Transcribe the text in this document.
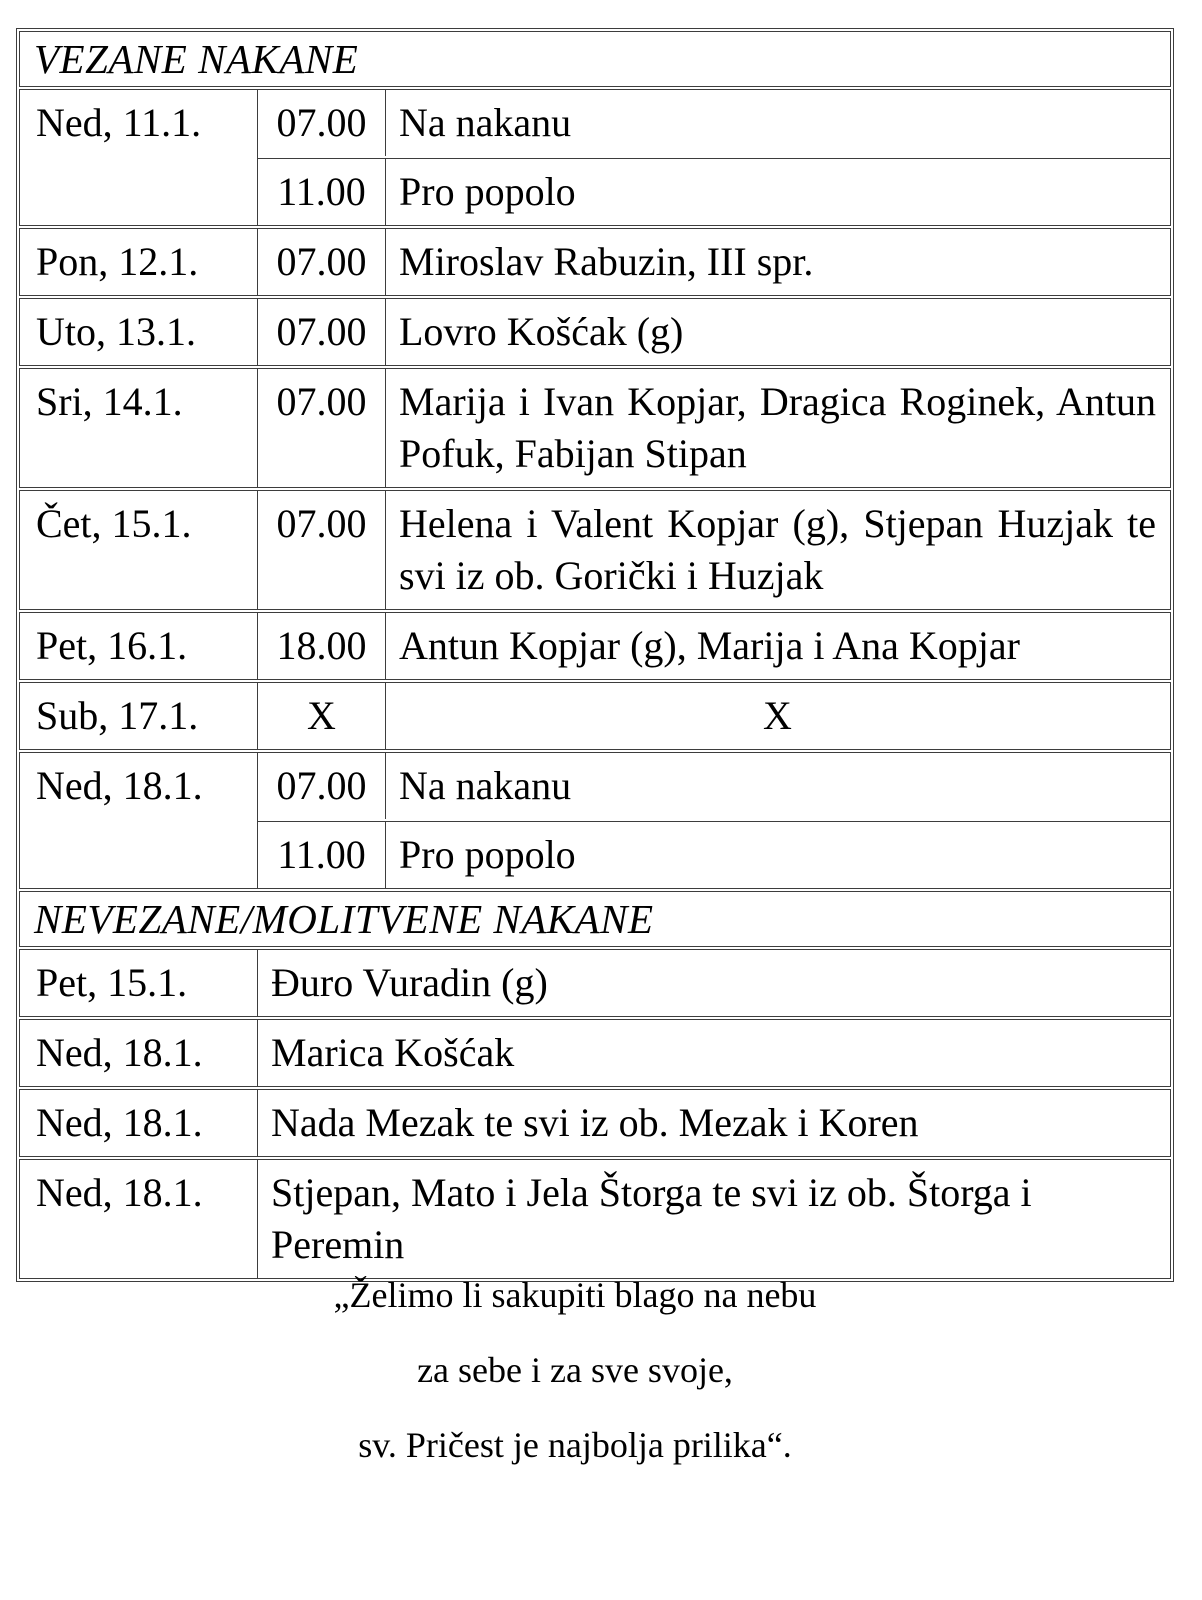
VEZANE NAKANE
Ned, 11.1.	07.00 Na nakanu
11.00 Pro popolo
Pon, 12.1.	07.00 Miroslav Rabuzin, III spr.
Uto, 13.1.	07.00 Lovro Košćak (g)
Sri, 14.1.	07.00 Marija i Ivan Kopjar, Dragica Roginek, Antun Pofuk, Fabijan Stipan
Čet, 15.1.	07.00 Helena i Valent Kopjar (g), Stjepan Huzjak te svi iz ob. Gorički i Huzjak
Pet, 16.1.	18.00 Antun Kopjar (g), Marija i Ana Kopjar
Sub, 17.1.	X	X
Ned, 18.1.	07.00 Na nakanu
11.00 Pro popolo
NEVEZANE/MOLITVENE NAKANE
Pet, 15.1.	Đuro Vuradin (g)
Ned, 18.1.	Marica Košćak
Ned, 18.1.	Nada Mezak te svi iz ob. Mezak i Koren
Ned, 18.1.	Stjepan, Mato i Jela Štorga te svi iz ob. Štorga i Peremin
„Želimo li sakupiti blago na nebu
za sebe i za sve svoje,
sv. Pričest je najbolja prilika“.
